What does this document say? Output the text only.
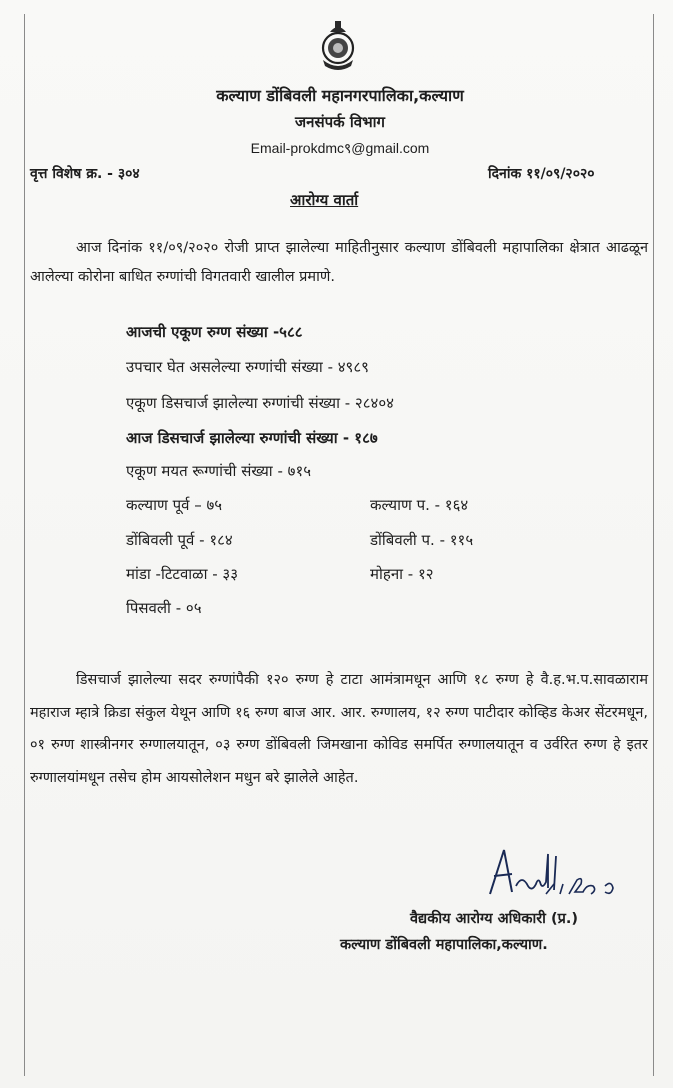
कल्याण डोंबिवली महानगरपालिका,कल्याण
जनसंपर्क विभाग
Email-prokdmc९@gmail.com
वृत्त विशेष क्र. - ३०४	दिनांक ११/०९/२०२०
आरोग्य वार्ता
आज दिनांक ११/०९/२०२० रोजी प्राप्त झालेल्या माहितीनुसार कल्याण डोंबिवली महापालिका क्षेत्रात आढळून आलेल्या कोरोना बाधित रुग्णांची विगतवारी खालील प्रमाणे.
आजची एकूण रुग्ण संख्या -५८८
उपचार घेत असलेल्या रुग्णांची संख्या - ४९८९
एकूण डिसचार्ज झालेल्या रुग्णांची संख्या - २८४०४
आज डिसचार्ज झालेल्या रुग्णांची संख्या - १८७
एकूण मयत रूग्णांची संख्या - ७१५
कल्याण पूर्व – ७५	कल्याण प. - १६४
डोंबिवली पूर्व - १८४	डोंबिवली प. - ११५
मांडा -टिटवाळा - ३३	मोहना - १२
पिसवली - ०५
डिसचार्ज झालेल्या सदर रुग्णांपैकी १२० रुग्ण हे टाटा आमंत्रामधून आणि १८ रुग्ण हे वै.ह.भ.प.सावळाराम महाराज म्हात्रे क्रिडा संकुल येथून आणि १६ रुग्ण बाज आर. आर. रुग्णालय, १२ रुग्ण पाटीदार कोव्हिड केअर सेंटरमधून, ०१ रुग्ण शास्त्रीनगर रुग्णालयातून, ०३ रुग्ण डोंबिवली जिमखाना कोविड समर्पित रुग्णालयातून व उर्वरित रुग्ण हे इतर रुग्णालयांमधून तसेच होम आयसोलेशन मधुन बरे झालेले आहेत.
वैद्यकीय आरोग्य अधिकारी (प्र.)
कल्याण डोंबिवली महापालिका,कल्याण.
